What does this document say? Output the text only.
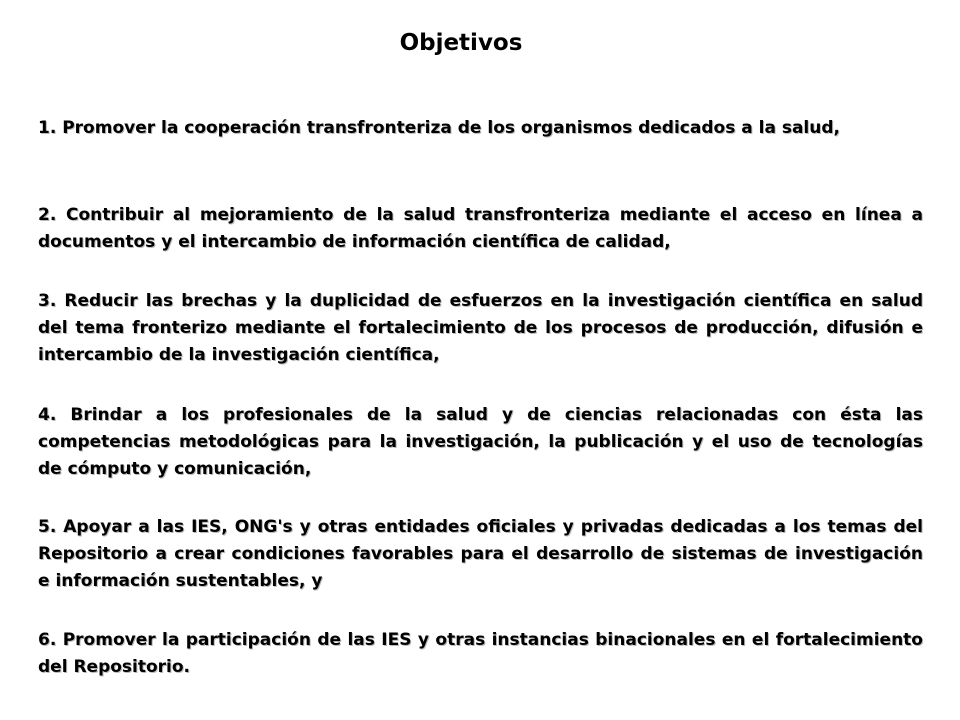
Objetivos
1. Promover la cooperación transfronteriza de los organismos dedicados a la salud,
2. Contribuir al mejoramiento de la salud transfronteriza mediante el acceso en línea a documentos y el intercambio de información científica de calidad,
3. Reducir las brechas y la duplicidad de esfuerzos en la investigación científica en salud del tema fronterizo mediante el fortalecimiento de los procesos de producción, difusión e intercambio de la investigación científica,
4. Brindar a los profesionales de la salud y de ciencias relacionadas con ésta las competencias metodológicas para la investigación, la publicación y el uso de tecnologías de cómputo y comunicación,
5. Apoyar a las IES, ONG's y otras entidades oficiales y privadas dedicadas a los temas del Repositorio a crear condiciones favorables para el desarrollo de sistemas de investigación e información sustentables, y
6. Promover la participación de las IES y otras instancias binacionales en el fortalecimiento del Repositorio.
